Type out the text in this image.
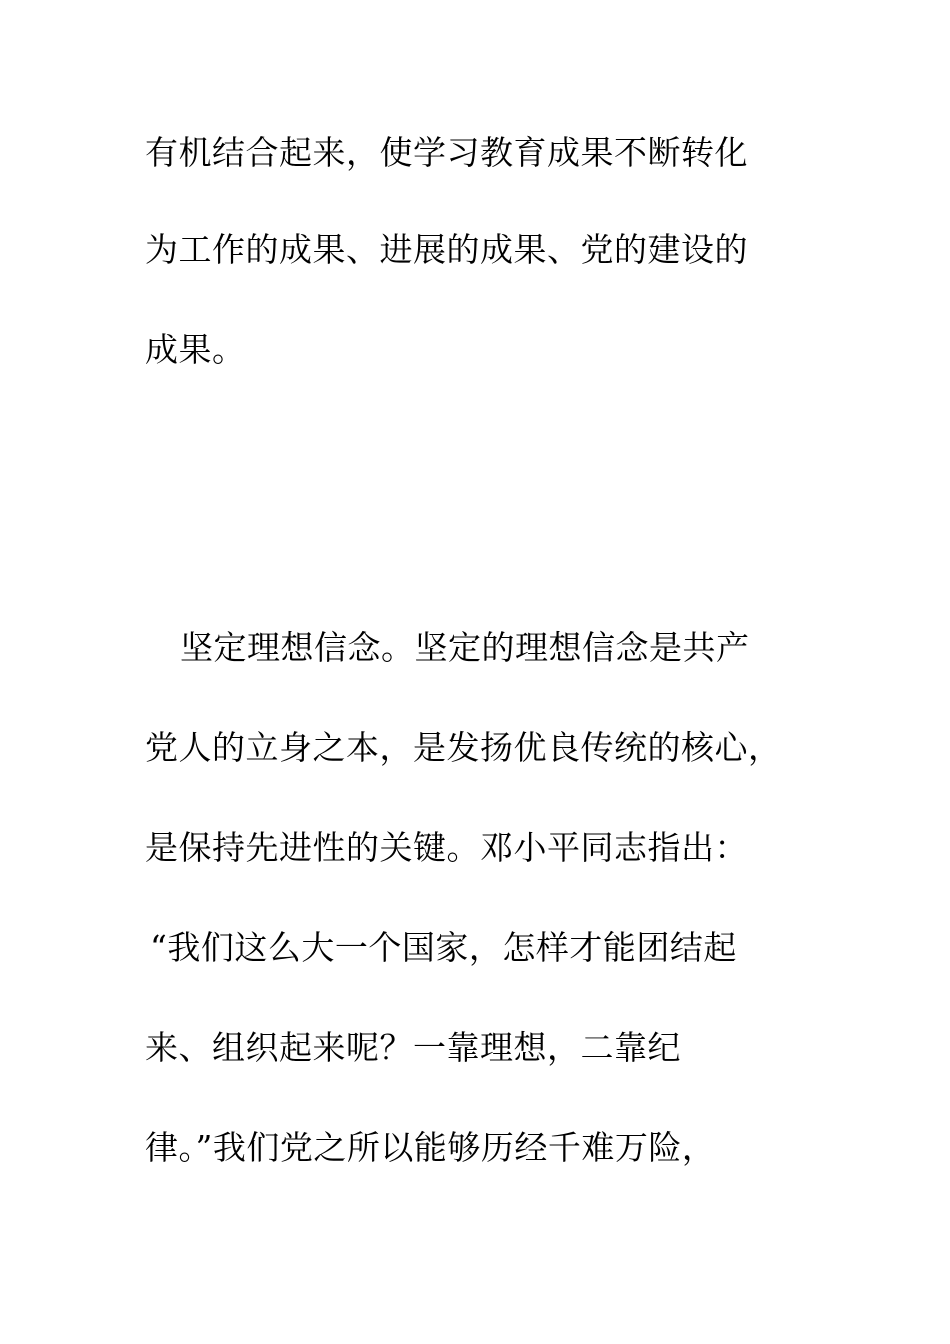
有机结合起来，使学习教育成果不断转化
为工作的成果、进展的成果、党的建设的
成果。
坚定理想信念。坚定的理想信念是共产
党人的立身之本，是发扬优良传统的核心，
是保持先进性的关键。邓小平同志指出：
“我们这么大一个国家，怎样才能团结起
来、组织起来呢？一靠理想，二靠纪
律。”我们党之所以能够历经千难万险，
